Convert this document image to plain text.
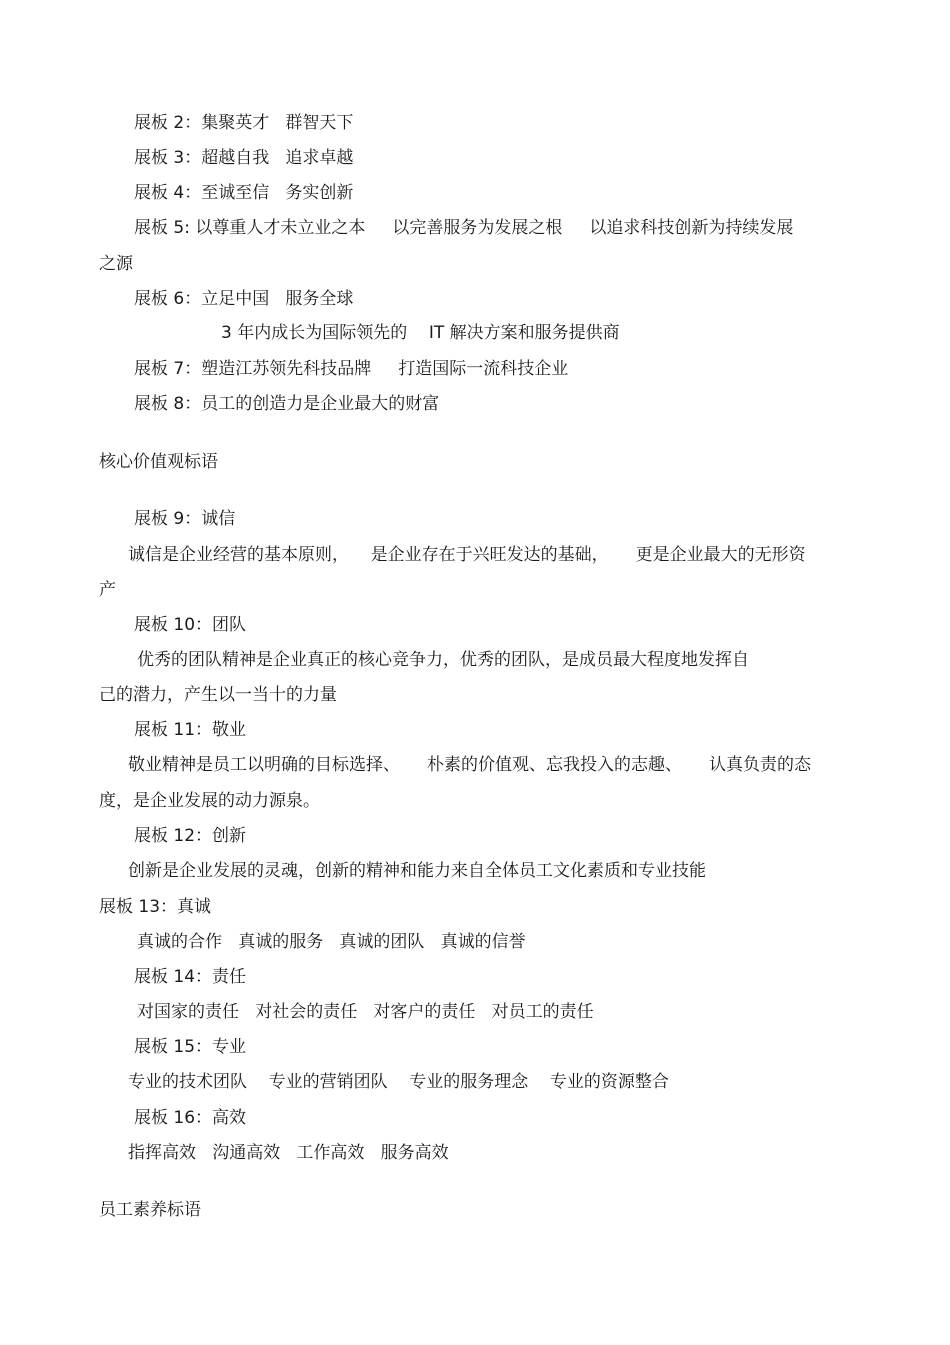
展板 2：集聚英才   群智天下

展板 3：超越自我   追求卓越

展板 4：至诚至信   务实创新

展板 5: 以尊重人才未立业之本     以完善服务为发展之根     以追求科技创新为持续发展

之源

展板 6：立足中国   服务全球

3 年内成长为国际领先的    IT 解决方案和服务提供商

展板 7：塑造江苏领先科技品牌     打造国际一流科技企业

展板 8：员工的创造力是企业最大的财富

核心价值观标语

展板 9：诚信

诚信是企业经营的基本原则，    是企业存在于兴旺发达的基础，     更是企业最大的无形资

产

展板 10：团队

优秀的团队精神是企业真正的核心竞争力，优秀的团队，是成员最大程度地发挥自

己的潜力，产生以一当十的力量

展板 11：敬业

敬业精神是员工以明确的目标选择、     朴素的价值观、忘我投入的志趣、     认真负责的态

度，是企业发展的动力源泉。

展板 12：创新

创新是企业发展的灵魂，创新的精神和能力来自全体员工文化素质和专业技能

展板 13：真诚

真诚的合作   真诚的服务   真诚的团队   真诚的信誉

展板 14：责任

对国家的责任   对社会的责任   对客户的责任   对员工的责任

展板 15：专业

专业的技术团队    专业的营销团队    专业的服务理念    专业的资源整合

展板 16：高效

指挥高效   沟通高效   工作高效   服务高效

员工素养标语
